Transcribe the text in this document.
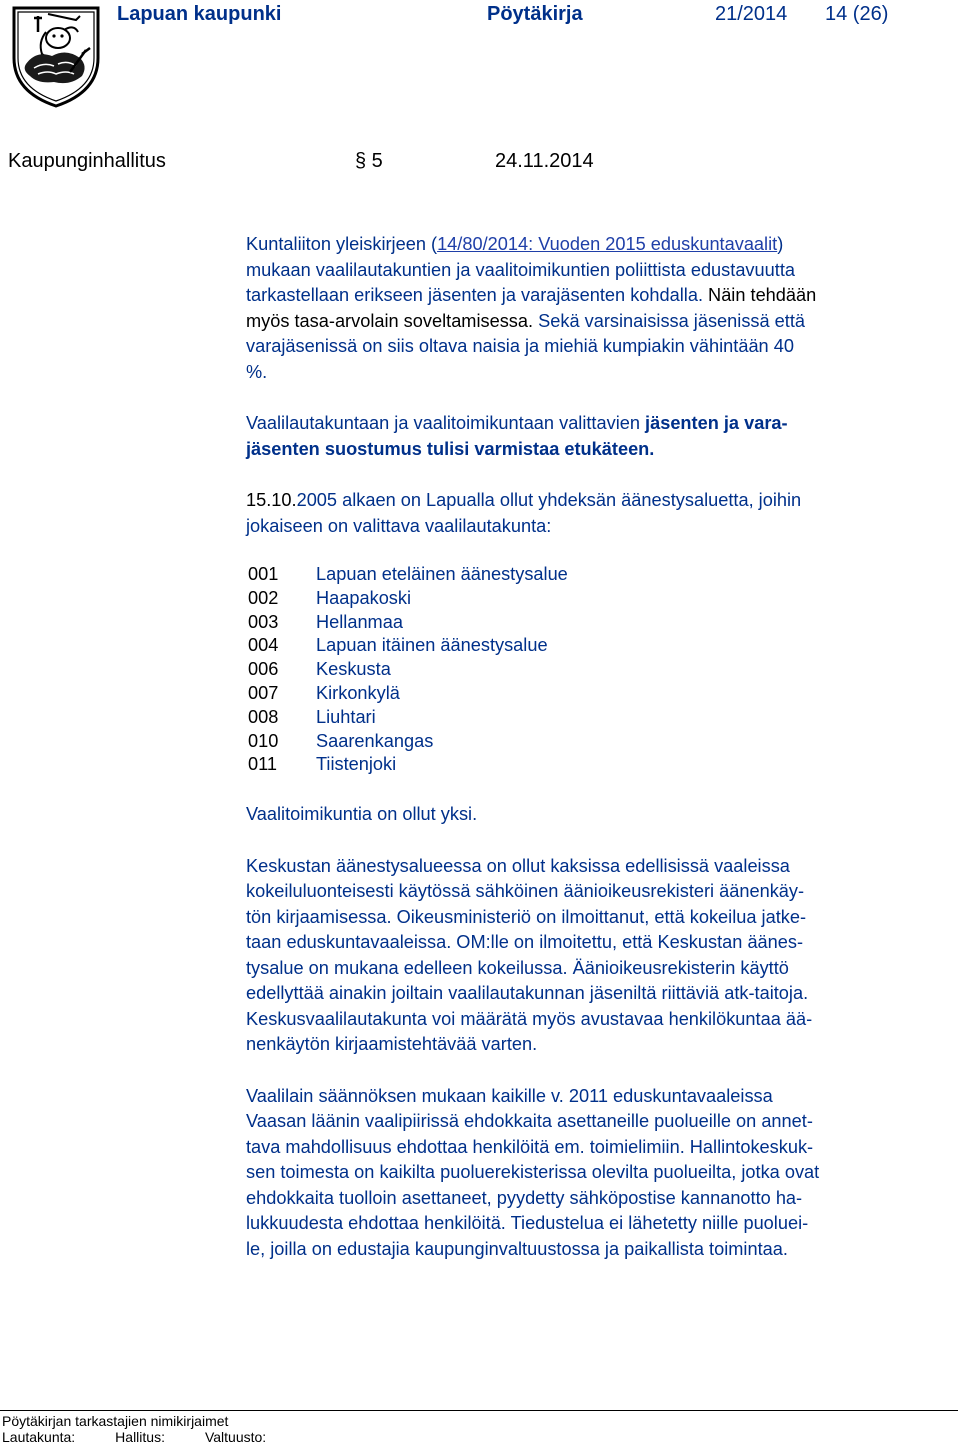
Lapuan kaupunki	Pöytäkirja	21/2014 14 (26)
Kaupunginhallitus	§ 5	24.11.2014
Kuntaliiton yleiskirjeen (14/80/2014: Vuoden 2015 eduskuntavaalit)
mukaan vaalilautakuntien ja vaalitoimikuntien poliittista edustavuutta
tarkastellaan erikseen jäsenten ja varajäsenten kohdalla. Näin tehdään
myös tasa-arvolain soveltamisessa. Sekä varsinaisissa jäsenissä että
varajäsenissä on siis oltava naisia ja miehiä kumpiakin vähintään 40
%.
Vaalilautakuntaan ja vaalitoimikuntaan valittavien jäsenten ja vara-
jäsenten suostumus tulisi varmistaa etukäteen.
15.10.2005 alkaen on Lapualla ollut yhdeksän äänestysaluetta, joihin
jokaiseen on valittava vaalilautakunta:
001 Lapuan eteläinen äänestysalue
002 Haapakoski
003 Hellanmaa
004 Lapuan itäinen äänestysalue
006 Keskusta
007 Kirkonkylä
008 Liuhtari
010 Saarenkangas
011 Tiistenjoki
Vaalitoimikuntia on ollut yksi.
Keskustan äänestysalueessa on ollut kaksissa edellisissä vaaleissa
kokeiluluonteisesti käytössä sähköinen äänioikeusrekisteri äänenkäy-
tön kirjaamisessa. Oikeusministeriö on ilmoittanut, että kokeilua jatke-
taan eduskuntavaaleissa. OM:lle on ilmoitettu, että Keskustan äänes-
tysalue on mukana edelleen kokeilussa. Äänioikeusrekisterin käyttö
edellyttää ainakin joiltain vaalilautakunnan jäseniltä riittäviä atk-taitoja.
Keskusvaalilautakunta voi määrätä myös avustavaa henkilökuntaa ää-
nenkäytön kirjaamistehtävää varten.
Vaalilain säännöksen mukaan kaikille v. 2011 eduskuntavaaleissa
Vaasan läänin vaalipiirissä ehdokkaita asettaneille puolueille on annet-
tava mahdollisuus ehdottaa henkilöitä em. toimielimiin. Hallintokeskuk-
sen toimesta on kaikilta puoluerekisterissa olevilta puolueilta, jotka ovat
ehdokkaita tuolloin asettaneet, pyydetty sähköpostise kannanotto ha-
lukkuudesta ehdottaa henkilöitä. Tiedustelua ei lähetetty niille puoluei-
le, joilla on edustajia kaupunginvaltuustossa ja paikallista toimintaa.
Pöytäkirjan tarkastajien nimikirjaimet
Lautakunta:	Hallitus:	Valtuusto:
